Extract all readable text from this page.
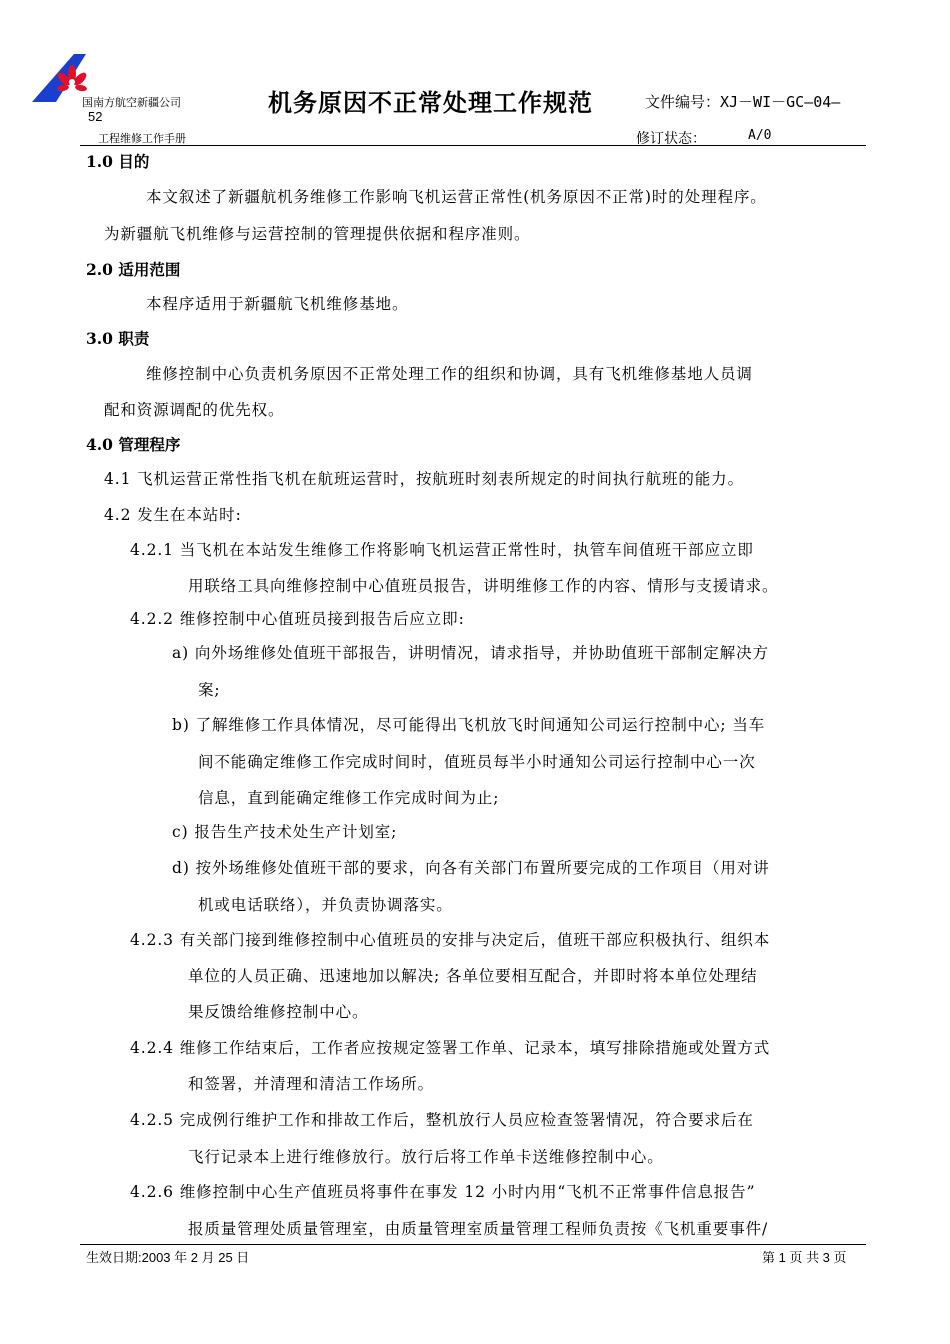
国南方航空新疆公司
52
工程维修工作手册
机务原因不正常处理工作规范	文件编号：XJ－WI－GC—04—
修订状态：	A/0
1.0 目的
本文叙述了新疆航机务维修工作影响飞机运营正常性(机务原因不正常)时的处理程序。
为新疆航飞机维修与运营控制的管理提供依据和程序准则。
2.0 适用范围
本程序适用于新疆航飞机维修基地。
3.0 职责
维修控制中心负责机务原因不正常处理工作的组织和协调，具有飞机维修基地人员调
配和资源调配的优先权。
4.0 管理程序
4.1 飞机运营正常性指飞机在航班运营时，按航班时刻表所规定的时间执行航班的能力。
4.2 发生在本站时:
4.2.1 当飞机在本站发生维修工作将影响飞机运营正常性时，执管车间值班干部应立即
用联络工具向维修控制中心值班员报告，讲明维修工作的内容、情形与支援请求。
4.2.2 维修控制中心值班员接到报告后应立即:
a) 向外场维修处值班干部报告，讲明情况，请求指导，并协助值班干部制定解决方
案;
b) 了解维修工作具体情况，尽可能得出飞机放飞时间通知公司运行控制中心; 当车
间不能确定维修工作完成时间时，值班员每半小时通知公司运行控制中心一次
信息，直到能确定维修工作完成时间为止;
c) 报告生产技术处生产计划室;
d) 按外场维修处值班干部的要求，向各有关部门布置所要完成的工作项目（用对讲
机或电话联络），并负责协调落实。
4.2.3 有关部门接到维修控制中心值班员的安排与决定后，值班干部应积极执行、组织本
单位的人员正确、迅速地加以解决; 各单位要相互配合，并即时将本单位处理结
果反馈给维修控制中心。
4.2.4 维修工作结束后，工作者应按规定签署工作单、记录本，填写排除措施或处置方式
和签署，并清理和清洁工作场所。
4.2.5 完成例行维护工作和排故工作后，整机放行人员应检查签署情况，符合要求后在
飞行记录本上进行维修放行。放行后将工作单卡送维修控制中心。
4.2.6 维修控制中心生产值班员将事件在事发 12 小时内用“飞机不正常事件信息报告”
报质量管理处质量管理室，由质量管理室质量管理工程师负责按《飞机重要事件/
生效日期:2003 年 2 月 25 日	第 1 页 共 3 页
